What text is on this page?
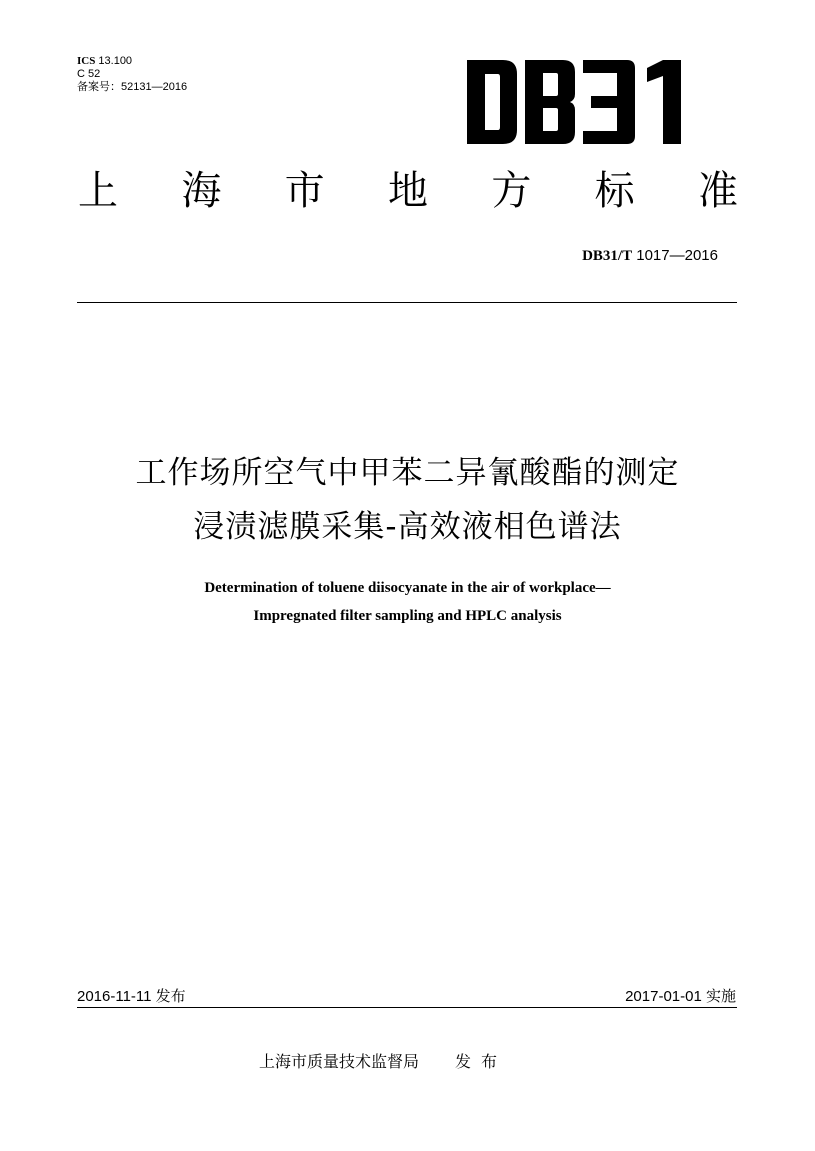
ICS 13.100
C 52
备案号：52131—2016
上 海 市 地 方 标 准
DB31/T 1017—2016
工作场所空气中甲苯二异氰酸酯的测定
浸渍滤膜采集-高效液相色谱法
Determination of toluene diisocyanate in the air of workplace—
Impregnated filter sampling and HPLC analysis
2016-11-11 发布	2017-01-01 实施
上海市质量技术监督局 发布
